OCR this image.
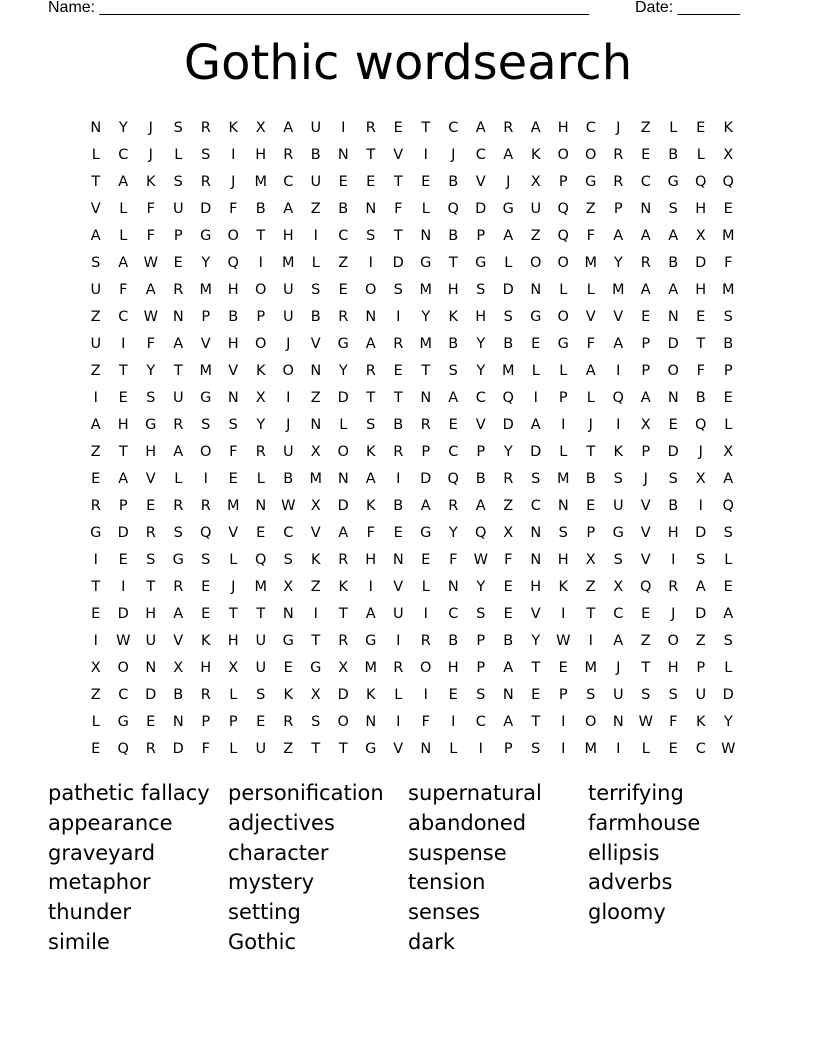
Name: _______________________________________________________	Date: _______
Gothic wordsearch
N	Y	J	S	R	K	X	A	U	I	R	E	T	C	A	R	A	H	C	J	Z	L	E	K
L	C	J	L	S	I	H	R	B	N	T	V	I	J	C	A	K	O	O	R	E	B	L	X
T	A	K	S	R	J	M	C	U	E	E	T	E	B	V	J	X	P	G	R	C	G	Q	Q
V	L	F	U	D	F	B	A	Z	B	N	F	L	Q	D	G	U	Q	Z	P	N	S	H	E
A	L	F	P	G	O	T	H	I	C	S	T	N	B	P	A	Z	Q	F	A	A	A	X	M
S	A	W	E	Y	Q	I	M	L	Z	I	D	G	T	G	L	O	O	M	Y	R	B	D	F
U	F	A	R	M	H	O	U	S	E	O	S	M	H	S	D	N	L	L	M	A	A	H	M
Z	C	W	N	P	B	P	U	B	R	N	I	Y	K	H	S	G	O	V	V	E	N	E	S
U	I	F	A	V	H	O	J	V	G	A	R	M	B	Y	B	E	G	F	A	P	D	T	B
Z	T	Y	T	M	V	K	O	N	Y	R	E	T	S	Y	M	L	L	A	I	P	O	F	P
I	E	S	U	G	N	X	I	Z	D	T	T	N	A	C	Q	I	P	L	Q	A	N	B	E
A	H	G	R	S	S	Y	J	N	L	S	B	R	E	V	D	A	I	J	I	X	E	Q	L
Z	T	H	A	O	F	R	U	X	O	K	R	P	C	P	Y	D	L	T	K	P	D	J	X
E	A	V	L	I	E	L	B	M	N	A	I	D	Q	B	R	S	M	B	S	J	S	X	A
R	P	E	R	R	M	N	W	X	D	K	B	A	R	A	Z	C	N	E	U	V	B	I	Q
G	D	R	S	Q	V	E	C	V	A	F	E	G	Y	Q	X	N	S	P	G	V	H	D	S
I	E	S	G	S	L	Q	S	K	R	H	N	E	F	W	F	N	H	X	S	V	I	S	L
T	I	T	R	E	J	M	X	Z	K	I	V	L	N	Y	E	H	K	Z	X	Q	R	A	E
E	D	H	A	E	T	T	N	I	T	A	U	I	C	S	E	V	I	T	C	E	J	D	A
I	W	U	V	K	H	U	G	T	R	G	I	R	B	P	B	Y	W	I	A	Z	O	Z	S
X	O	N	X	H	X	U	E	G	X	M	R	O	H	P	A	T	E	M	J	T	H	P	L
Z	C	D	B	R	L	S	K	X	D	K	L	I	E	S	N	E	P	S	U	S	S	U	D
L	G	E	N	P	P	E	R	S	O	N	I	F	I	C	A	T	I	O	N	W	F	K	Y
E	Q	R	D	F	L	U	Z	T	T	G	V	N	L	I	P	S	I	M	I	L	E	C	W
pathetic fallacy
appearance
graveyard
metaphor
thunder
simile
personification
adjectives
character
mystery
setting
Gothic
supernatural
abandoned
suspense
tension
senses
dark
terrifying
farmhouse
ellipsis
adverbs
gloomy
